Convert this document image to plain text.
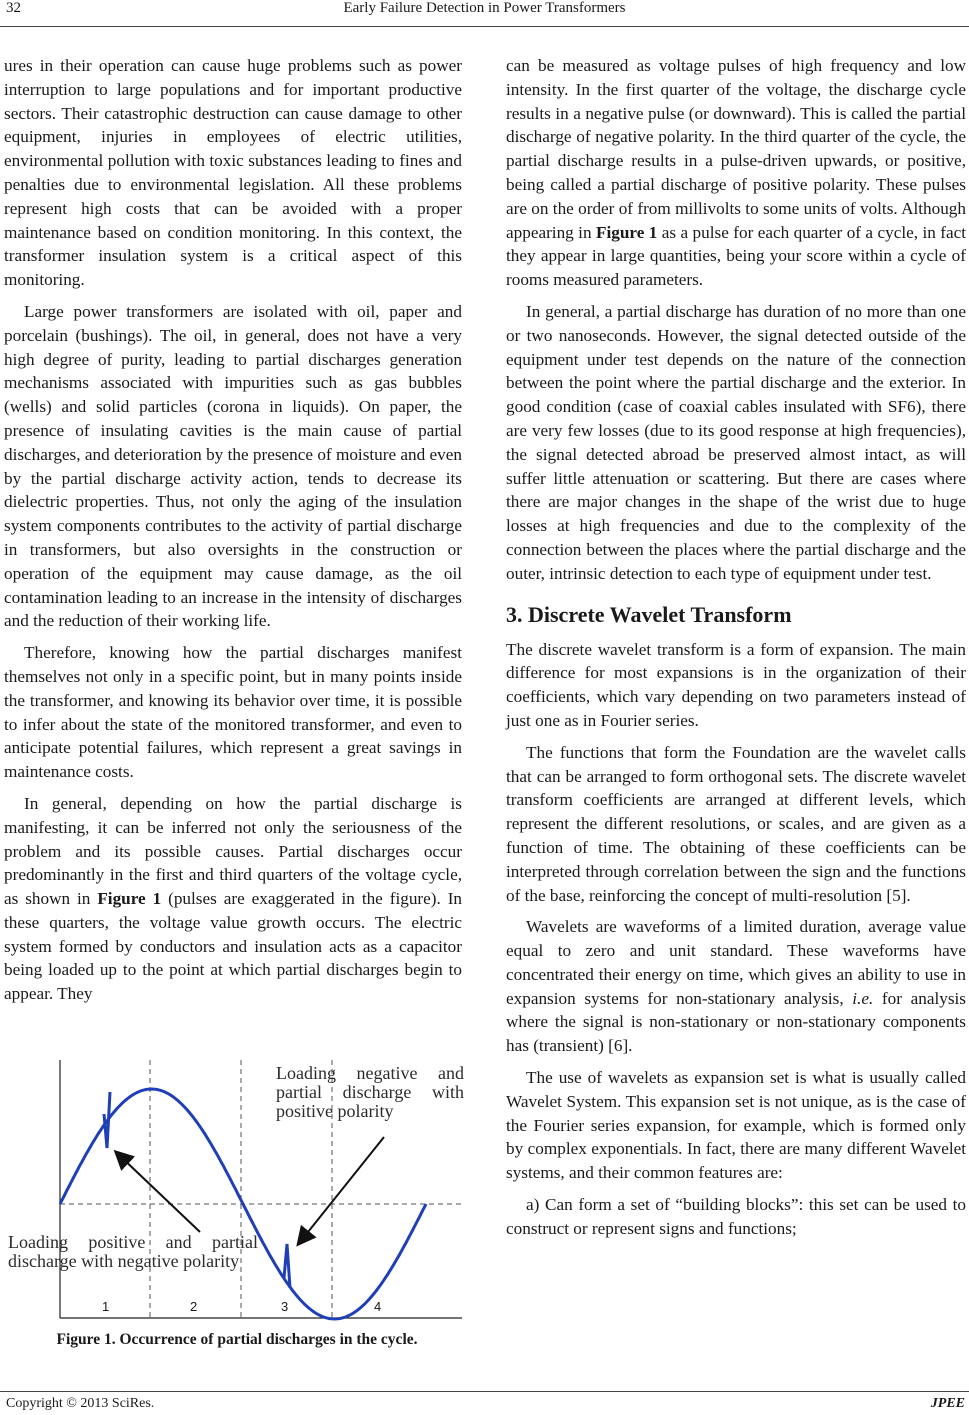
32	Early Failure Detection in Power Transformers

ures in their operation can cause huge problems such as power interruption to large populations and for important productive sectors. Their catastrophic destruction can cause damage to other equipment, injuries in employees of electric utilities, environmental pollution with toxic substances leading to fines and penalties due to environmental legislation. All these problems represent high costs that can be avoided with a proper maintenance based on condition monitoring. In this context, the transformer insulation system is a critical aspect of this monitoring.

Large power transformers are isolated with oil, paper and porcelain (bushings). The oil, in general, does not have a very high degree of purity, leading to partial discharges generation mechanisms associated with impurities such as gas bubbles (wells) and solid particles (corona in liquids). On paper, the presence of insulating cavities is the main cause of partial discharges, and deterioration by the presence of moisture and even by the partial discharge activity action, tends to decrease its dielectric properties. Thus, not only the aging of the insulation system components contributes to the activity of partial discharge in transformers, but also oversights in the construction or operation of the equipment may cause damage, as the oil contamination leading to an increase in the intensity of discharges and the reduction of their working life.

Therefore, knowing how the partial discharges manifest themselves not only in a specific point, but in many points inside the transformer, and knowing its behavior over time, it is possible to infer about the state of the monitored transformer, and even to anticipate potential failures, which represent a great savings in maintenance costs.

In general, depending on how the partial discharge is manifesting, it can be inferred not only the seriousness of the problem and its possible causes. Partial discharges occur predominantly in the first and third quarters of the voltage cycle, as shown in Figure 1 (pulses are exaggerated in the figure). In these quarters, the voltage value growth occurs. The electric system formed by conductors and insulation acts as a capacitor being loaded up to the point at which partial discharges begin to appear. They

Loading negative and partial discharge with positive polarity
Loading positive and partial discharge with negative polarity
1	2	3	4
Figure 1. Occurrence of partial discharges in the cycle.

can be measured as voltage pulses of high frequency and low intensity. In the first quarter of the voltage, the discharge cycle results in a negative pulse (or downward). This is called the partial discharge of negative polarity. In the third quarter of the cycle, the partial discharge results in a pulse-driven upwards, or positive, being called a partial discharge of positive polarity. These pulses are on the order of from millivolts to some units of volts. Although appearing in Figure 1 as a pulse for each quarter of a cycle, in fact they appear in large quantities, being your score within a cycle of rooms measured parameters.

In general, a partial discharge has duration of no more than one or two nanoseconds. However, the signal detected outside of the equipment under test depends on the nature of the connection between the point where the partial discharge and the exterior. In good condition (case of coaxial cables insulated with SF6), there are very few losses (due to its good response at high frequencies), the signal detected abroad be preserved almost intact, as will suffer little attenuation or scattering. But there are cases where there are major changes in the shape of the wrist due to huge losses at high frequencies and due to the complexity of the connection between the places where the partial discharge and the outer, intrinsic detection to each type of equipment under test.

3. Discrete Wavelet Transform

The discrete wavelet transform is a form of expansion. The main difference for most expansions is in the organization of their coefficients, which vary depending on two parameters instead of just one as in Fourier series.

The functions that form the Foundation are the wavelet calls that can be arranged to form orthogonal sets. The discrete wavelet transform coefficients are arranged at different levels, which represent the different resolutions, or scales, and are given as a function of time. The obtaining of these coefficients can be interpreted through correlation between the sign and the functions of the base, reinforcing the concept of multi-resolution [5].

Wavelets are waveforms of a limited duration, average value equal to zero and unit standard. These waveforms have concentrated their energy on time, which gives an ability to use in expansion systems for non-stationary analysis, i.e. for analysis where the signal is non-stationary or non-stationary components has (transient) [6].

The use of wavelets as expansion set is what is usually called Wavelet System. This expansion set is not unique, as is the case of the Fourier series expansion, for example, which is formed only by complex exponentials. In fact, there are many different Wavelet systems, and their common features are:

a) Can form a set of “building blocks”: this set can be used to construct or represent signs and functions;

Copyright © 2013 SciRes.	JPEE
